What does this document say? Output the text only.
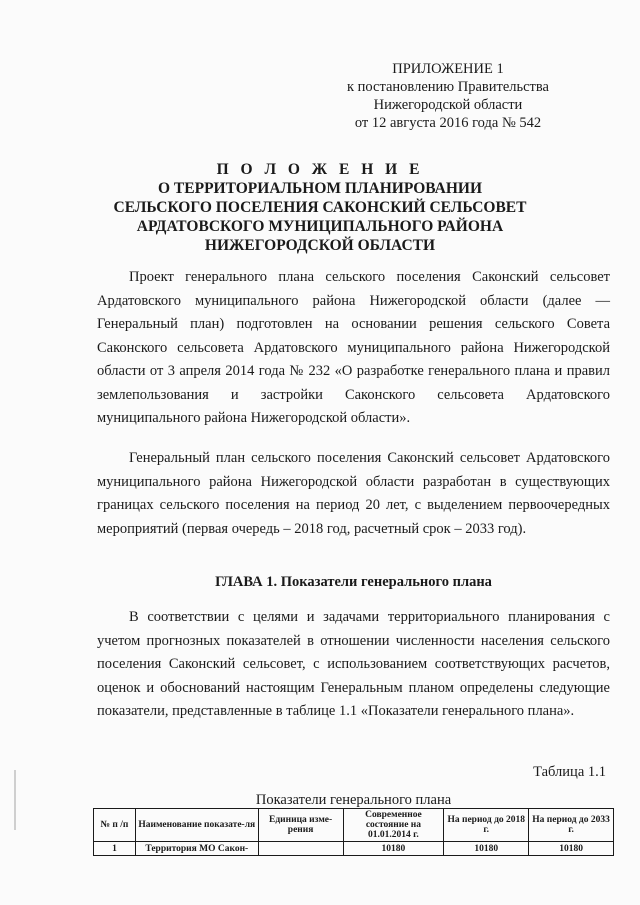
ПРИЛОЖЕНИЕ 1
к постановлению Правительства
Нижегородской области
от 12 августа 2016 года № 542
П О Л О Ж Е Н И Е
О ТЕРРИТОРИАЛЬНОМ ПЛАНИРОВАНИИ
СЕЛЬСКОГО ПОСЕЛЕНИЯ САКОНСКИЙ СЕЛЬСОВЕТ
АРДАТОВСКОГО МУНИЦИПАЛЬНОГО РАЙОНА
НИЖЕГОРОДСКОЙ ОБЛАСТИ

Проект генерального плана сельского поселения Саконский сельсовет Ардатовского муниципального района Нижегородской области (далее — Генеральный план) подготовлен на основании решения сельского Совета Саконского сельсовета Ардатовского муниципального района Нижегородской области от 3 апреля 2014 года № 232 «О разработке генерального плана и правил землепользования и застройки Саконского сельсовета Ардатовского муниципального района Нижегородской области».

Генеральный план сельского поселения Саконский сельсовет Ардатовского муниципального района Нижегородской области разработан в существующих границах сельского поселения на период 20 лет, с выделением первоочередных мероприятий (первая очередь – 2018 год, расчетный срок – 2033 год).

ГЛАВА 1. Показатели генерального плана

В соответствии с целями и задачами территориального планирования с учетом прогнозных показателей в отношении численности населения сельского поселения Саконский сельсовет, с использованием соответствующих расчетов, оценок и обоснований настоящим Генеральным планом определены следующие показатели, представленные в таблице 1.1 «Показатели генерального плана».

Таблица 1.1
Показатели генерального плана
№ п /п	Наименование показате-ля	Единица изме-рения	Современное состояние на 01.01.2014 г.	На период до 2018 г.	На период до 2033 г.
1	Территория МО Сакон-		10180	10180	10180
